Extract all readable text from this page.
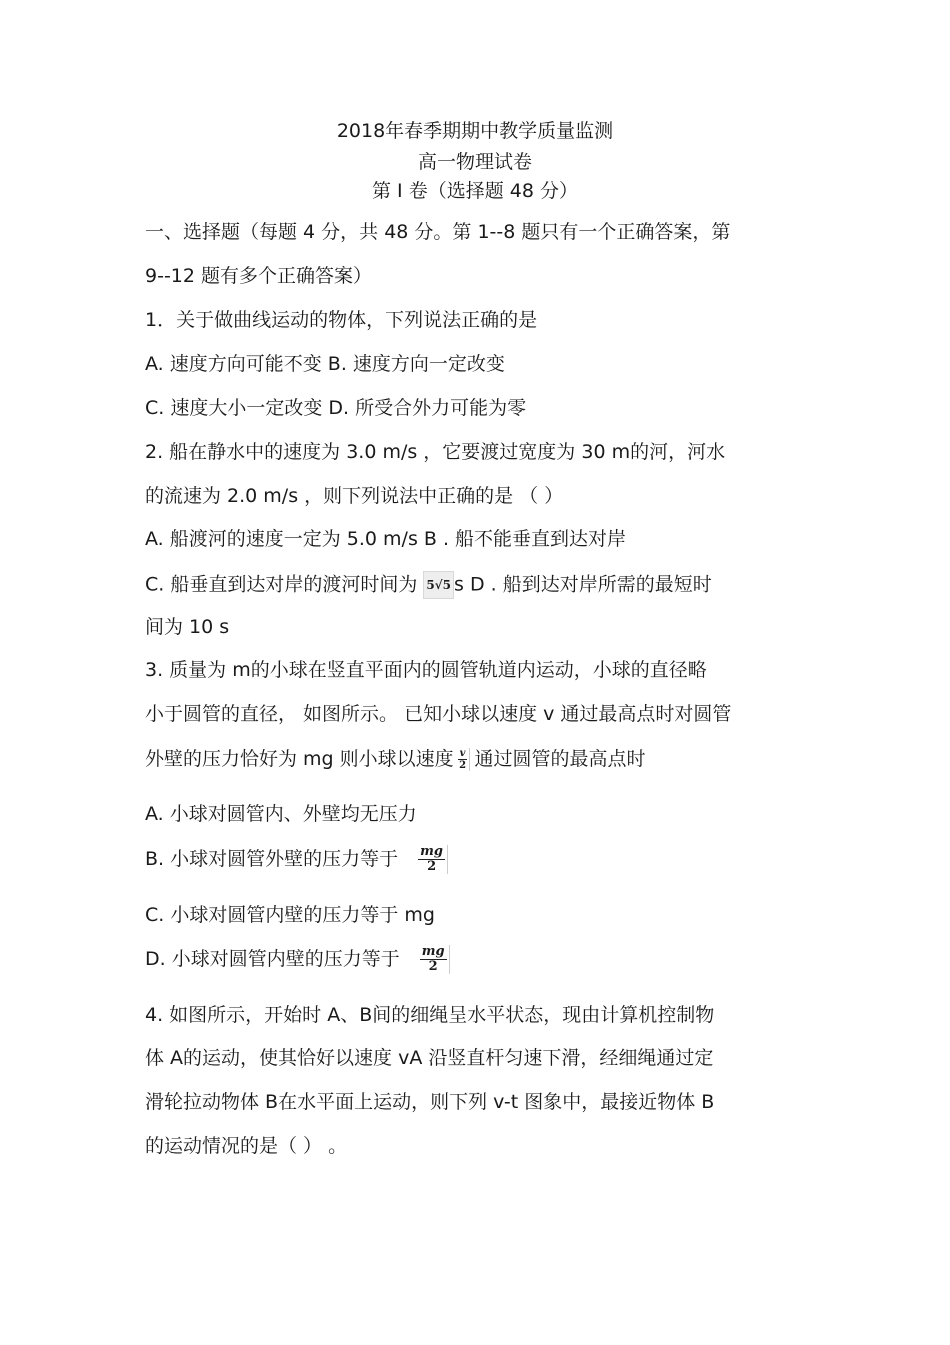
2018年春季期期中教学质量监测
高一物理试卷
第 I 卷（选择题 48 分）
一、选择题（每题 4 分，共 48 分。第 1--8 题只有一个正确答案，第
9--12 题有多个正确答案）
1．关于做曲线运动的物体，下列说法正确的是
A. 速度方向可能不变 B. 速度方向一定改变
C. 速度大小一定改变 D. 所受合外力可能为零
2. 船在静水中的速度为 3.0 m/s ，它要渡过宽度为 30 m的河，河水
的流速为 2.0 m/s ，则下列说法中正确的是 （ ）
A. 船渡河的速度一定为 5.0 m/s B . 船不能垂直到达对岸
C. 船垂直到达对岸的渡河时间为 5√5 s D . 船到达对岸所需的最短时
间为 10 s
3. 质量为 m的小球在竖直平面内的圆管轨道内运动，小球的直径略
小于圆管的直径， 如图所示。 已知小球以速度 v 通过最高点时对圆管
外壁的压力恰好为 mg 则小球以速度 $\frac{v}{2}$ 通过圆管的最高点时
A. 小球对圆管内、外壁均无压力
B. 小球对圆管外壁的压力等于 $\frac{mg}{2}$
C. 小球对圆管内壁的压力等于 mg
D. 小球对圆管内壁的压力等于 $\frac{mg}{2}$
4. 如图所示，开始时 A、B间的细绳呈水平状态，现由计算机控制物
体 A的运动，使其恰好以速度 vA 沿竖直杆匀速下滑，经细绳通过定
滑轮拉动物体 B在水平面上运动，则下列 v-t 图象中，最接近物体 B
的运动情况的是（ ） 。
